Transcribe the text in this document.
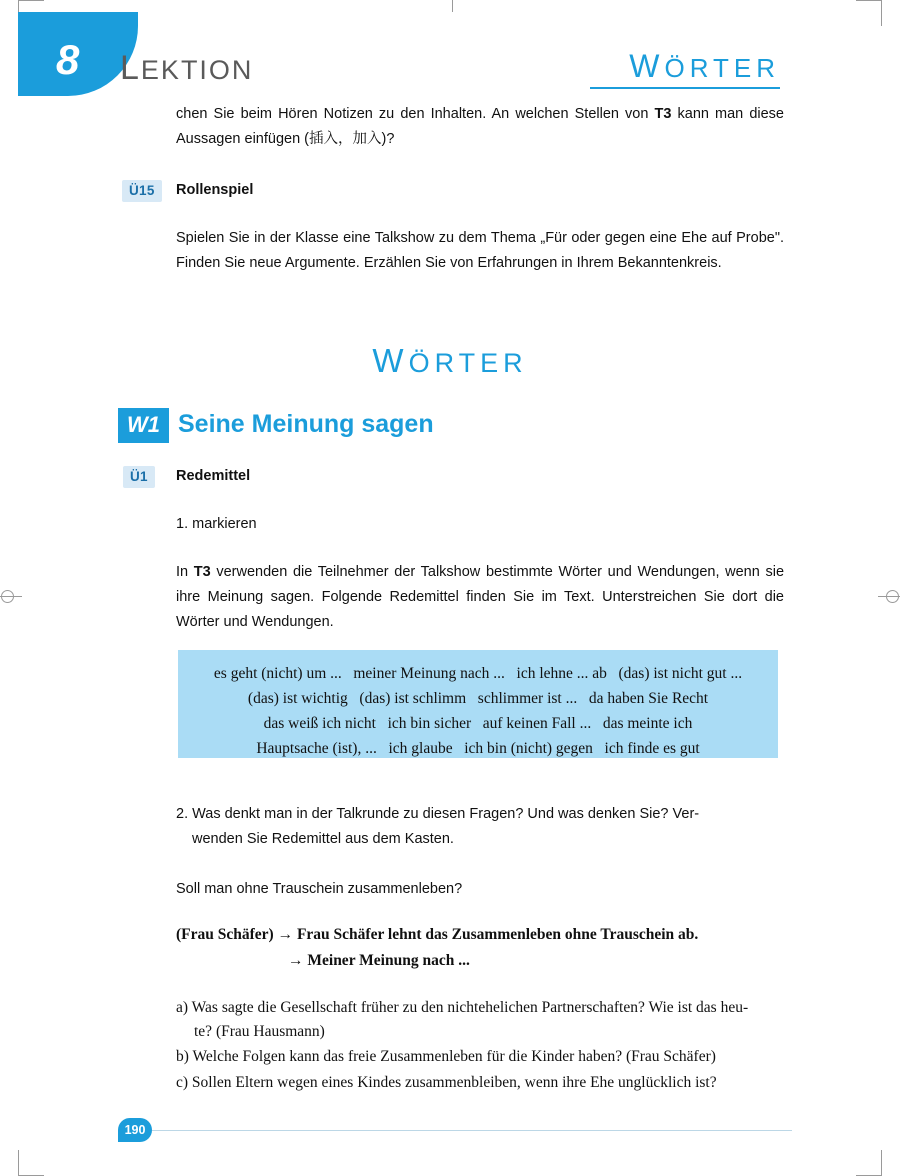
8 LEKTION	WÖRTER
chen Sie beim Hören Notizen zu den Inhalten. An welchen Stellen von T3 kann man diese Aussagen einfügen (插入，加入)?
Ü15	Rollenspiel
Spielen Sie in der Klasse eine Talkshow zu dem Thema „Für oder gegen eine Ehe auf Probe". Finden Sie neue Argumente. Erzählen Sie von Erfahrungen in Ihrem Bekanntenkreis.
WÖRTER
W1 Seine Meinung sagen
Ü1	Redemittel
1. markieren
In T3 verwenden die Teilnehmer der Talkshow bestimmte Wörter und Wendungen, wenn sie ihre Meinung sagen. Folgende Redemittel finden Sie im Text. Unterstreichen Sie dort die Wörter und Wendungen.
es geht (nicht) um ...   meiner Meinung nach ...   ich lehne ... ab   (das) ist nicht gut ...
(das) ist wichtig   (das) ist schlimm   schlimmer ist ...   da haben Sie Recht
das weiß ich nicht   ich bin sicher   auf keinen Fall ...   das meinte ich
Hauptsache (ist), ...   ich glaube   ich bin (nicht) gegen   ich finde es gut
2. Was denkt man in der Talkrunde zu diesen Fragen? Und was denken Sie? Ver-
wenden Sie Redemittel aus dem Kasten.
Soll man ohne Trauschein zusammenleben?
(Frau Schäfer) → Frau Schäfer lehnt das Zusammenleben ohne Trauschein ab.
→ Meiner Meinung nach ...
a) Was sagte die Gesellschaft früher zu den nichtehelichen Partnerschaften? Wie ist das heu-
te? (Frau Hausmann)
b) Welche Folgen kann das freie Zusammenleben für die Kinder haben? (Frau Schäfer)
c) Sollen Eltern wegen eines Kindes zusammenbleiben, wenn ihre Ehe unglücklich ist?
190
